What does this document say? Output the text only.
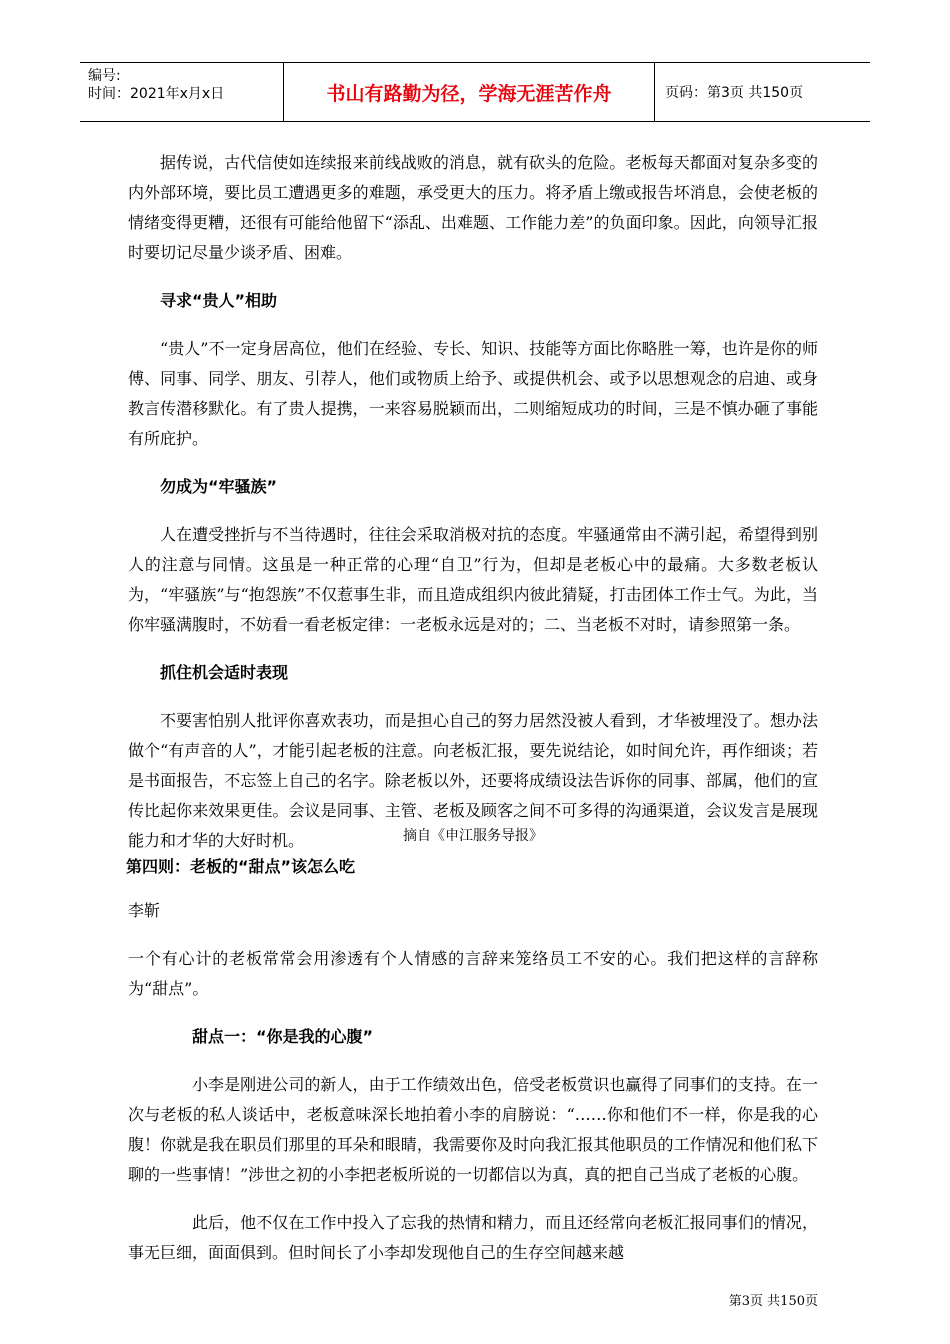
编号:
时间：2021年x月x日	书山有路勤为径，学海无涯苦作舟	页码：第3页 共150页

据传说，古代信使如连续报来前线战败的消息，就有砍头的危险。老板每天都面对复杂多变的内外部环境，要比员工遭遇更多的难题，承受更大的压力。将矛盾上缴或报告坏消息，会使老板的情绪变得更糟，还很有可能给他留下“添乱、出难题、工作能力差”的负面印象。因此，向领导汇报时要切记尽量少谈矛盾、困难。

寻求“贵人”相助

“贵人”不一定身居高位，他们在经验、专长、知识、技能等方面比你略胜一筹，也许是你的师傅、同事、同学、朋友、引荐人，他们或物质上给予、或提供机会、或予以思想观念的启迪、或身教言传潜移默化。有了贵人提携，一来容易脱颖而出，二则缩短成功的时间，三是不慎办砸了事能有所庇护。

勿成为“牢骚族”

人在遭受挫折与不当待遇时，往往会采取消极对抗的态度。牢骚通常由不满引起，希望得到别人的注意与同情。这虽是一种正常的心理“自卫”行为，但却是老板心中的最痛。大多数老板认为，“牢骚族”与“抱怨族”不仅惹事生非，而且造成组织内彼此猜疑，打击团体工作士气。为此，当你牢骚满腹时，不妨看一看老板定律：一老板永远是对的；二、当老板不对时，请参照第一条。

抓住机会适时表现

不要害怕别人批评你喜欢表功，而是担心自己的努力居然没被人看到，才华被埋没了。想办法做个“有声音的人”，才能引起老板的注意。向老板汇报，要先说结论，如时间允许，再作细谈；若是书面报告，不忘签上自己的名字。除老板以外，还要将成绩设法告诉你的同事、部属，他们的宣传比起你来效果更佳。会议是同事、主管、老板及顾客之间不可多得的沟通渠道，会议发言是展现能力和才华的大好时机。	摘自《申江服务导报》

第四则：老板的“甜点”该怎么吃

李靳

一个有心计的老板常常会用渗透有个人情感的言辞来笼络员工不安的心。我们把这样的言辞称为“甜点”。

甜点一：“你是我的心腹”

小李是刚进公司的新人，由于工作绩效出色，倍受老板赏识也赢得了同事们的支持。在一次与老板的私人谈话中，老板意味深长地拍着小李的肩膀说：“……你和他们不一样，你是我的心腹！你就是我在职员们那里的耳朵和眼睛，我需要你及时向我汇报其他职员的工作情况和他们私下聊的一些事情！”涉世之初的小李把老板所说的一切都信以为真，真的把自己当成了老板的心腹。

此后，他不仅在工作中投入了忘我的热情和精力，而且还经常向老板汇报同事们的情况，事无巨细，面面俱到。但时间长了小李却发现他自己的生存空间越来越

第3页 共150页
